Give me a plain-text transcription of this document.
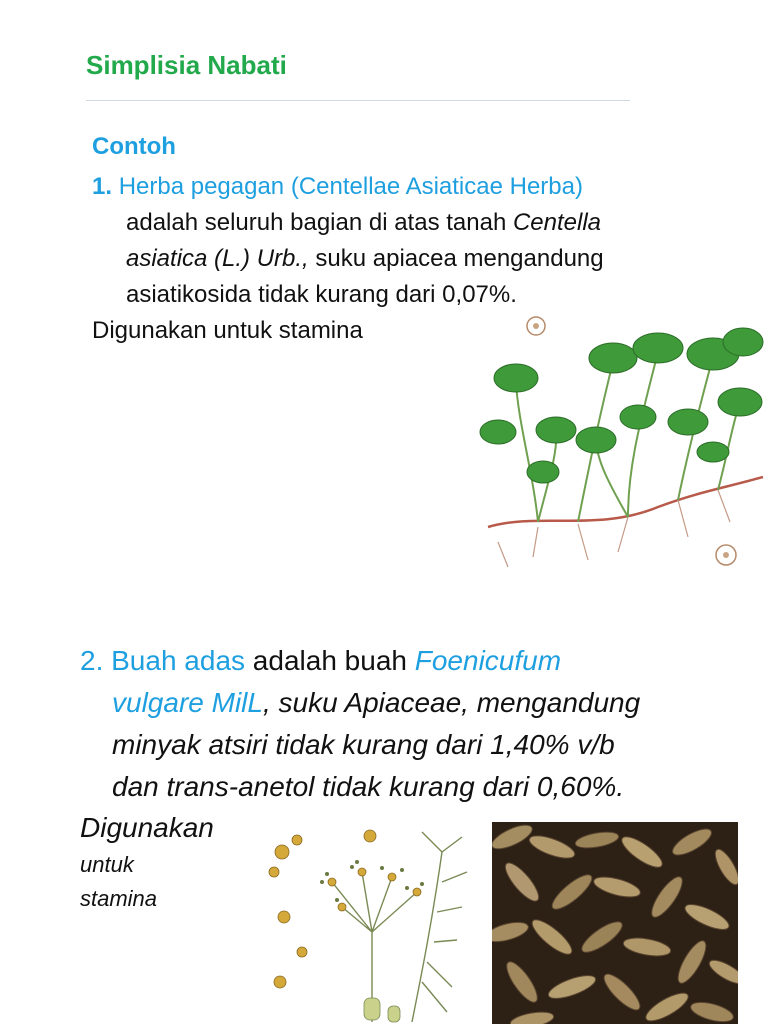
Simplisia Nabati
Contoh
1. Herba pegagan (Centellae Asiaticae Herba)
adalah seluruh bagian di atas tanah Centella
asiatica (L.) Urb., suku apiacea mengandung
asiatikosida tidak kurang dari 0,07%.
Digunakan untuk stamina
2. Buah adas adalah buah Foenicufum
vulgare MilL, suku Apiaceae, mengandung
minyak atsiri tidak kurang dari 1,40% v/b
dan trans-anetol tidak kurang dari 0,60%.
Digunakan
untuk
stamina
